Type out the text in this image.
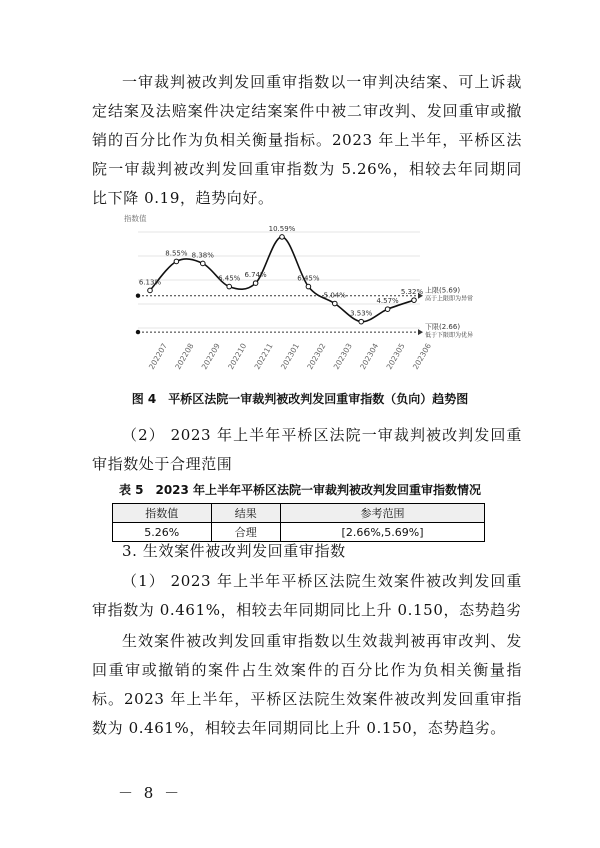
一审裁判被改判发回重审指数以一审判决结案、可上诉裁定结案及法赔案件决定结案案件中被二审改判、发回重审或撤销的百分比作为负相关衡量指标。2023 年上半年，平桥区法院一审裁判被改判发回重审指数为 5.26%，相较去年同期同比下降 0.19，趋势向好。
指数值
上限(5.69)
高于上限即为异常
下限(2.66)
低于下限即为优异
6.13%
8.55% 8.38%
6.45% 6.74%
10.59%
6.45%
5.04%
3.53%
4.57%
5.32%
202207 202208 202209 202210 202211 202301 202302 202303 202304 202305 202306
图 4　平桥区法院一审裁判被改判发回重审指数（负向）趋势图
（2） 2023 年上半年平桥区法院一审裁判被改判发回重审指数处于合理范围
表 5　2023 年上半年平桥区法院一审裁判被改判发回重审指数情况
指数值	结果	参考范围
5.26%	合理	[2.66%,5.69%]
3. 生效案件被改判发回重审指数
（1） 2023 年上半年平桥区法院生效案件被改判发回重审指数为 0.461%，相较去年同期同比上升 0.150，态势趋劣
生效案件被改判发回重审指数以生效裁判被再审改判、发回重审或撤销的案件占生效案件的百分比作为负相关衡量指标。2023 年上半年，平桥区法院生效案件被改判发回重审指数为 0.461%，相较去年同期同比上升 0.150，态势趋劣。
－ 8 －
